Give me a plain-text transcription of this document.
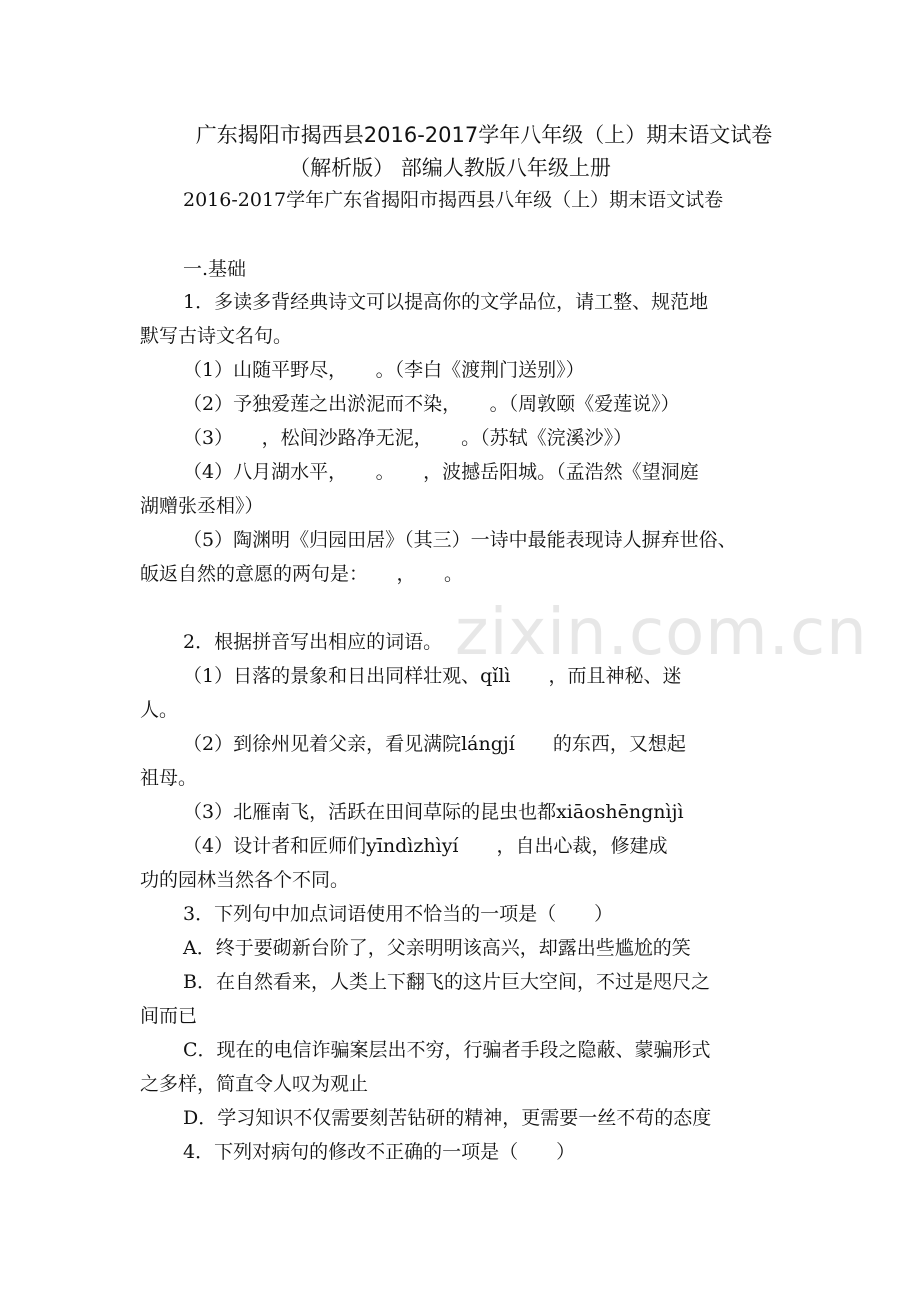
zixin.com.cn
广东揭阳市揭西县2016-2017学年八年级（上）期末语文试卷
（解析版） 部编人教版八年级上册
2016-2017学年广东省揭阳市揭西县八年级（上）期末语文试卷
一.基础
1．多读多背经典诗文可以提高你的文学品位，请工整、规范地
默写古诗文名句。
（1）山随平野尽，　　。（李白《渡荆门送别》）
（2）予独爱莲之出淤泥而不染，　　。（周敦颐《爱莲说》）
（3）　　，松间沙路净无泥，　　。（苏轼《浣溪沙》）
（4）八月湖水平，　　。　　，波撼岳阳城。（孟浩然《望洞庭
湖赠张丞相》）
（5）陶渊明《归园田居》（其三）一诗中最能表现诗人摒弃世俗、
皈返自然的意愿的两句是：　　，　　。
2．根据拼音写出相应的词语。
（1）日落的景象和日出同样壮观、qǐlì　　，而且神秘、迷
人。
（2）到徐州见着父亲，看见满院lángjí　　的东西，又想起
祖母。
（3）北雁南飞，活跃在田间草际的昆虫也都xiāoshēngnìjì
（4）设计者和匠师们yīndìzhìyí　　，自出心裁，修建成
功的园林当然各个不同。
3．下列句中加点词语使用不恰当的一项是（　　）
A．终于要砌新台阶了，父亲明明该高兴，却露出些尴尬的笑
B．在自然看来，人类上下翻飞的这片巨大空间，不过是咫尺之
间而已
C．现在的电信诈骗案层出不穷，行骗者手段之隐蔽、蒙骗形式
之多样，简直令人叹为观止
D．学习知识不仅需要刻苦钻研的精神，更需要一丝不苟的态度
4．下列对病句的修改不正确的一项是（　　）
